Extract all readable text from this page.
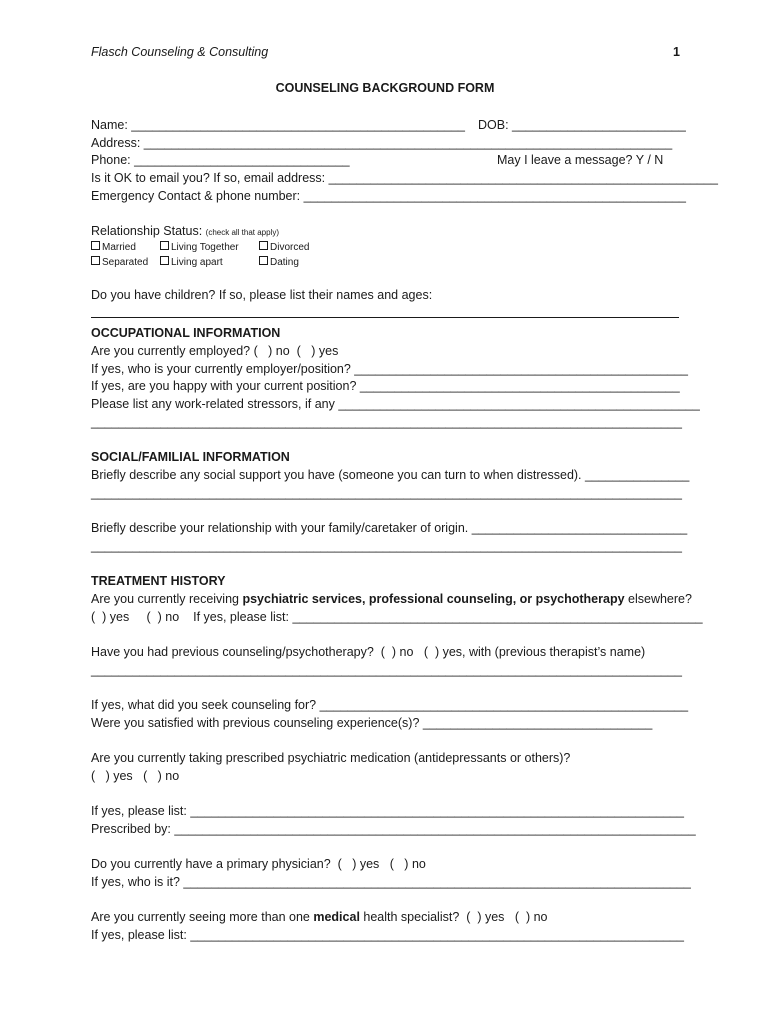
Flasch Counseling & Consulting	1
COUNSELING BACKGROUND FORM
Name: ________________________________________________ DOB: _________________________
Address: ____________________________________________________________________________
Phone: _______________________________	May I leave a message? Y / N
Is it OK to email you? If so, email address: ________________________________________________________
Emergency Contact & phone number: _______________________________________________________
Relationship Status: (check all that apply)
Married	Living Together	Divorced
Separated	Living apart	Dating
Do you have children? If so, please list their names and ages:
OCCUPATIONAL INFORMATION
Are you currently employed? (   ) no  (   ) yes
If yes, who is your currently employer/position? ________________________________________________
If yes, are you happy with your current position? ______________________________________________
Please list any work-related stressors, if any ____________________________________________________
_____________________________________________________________________________________
SOCIAL/FAMILIAL INFORMATION
Briefly describe any social support you have (someone you can turn to when distressed). _______________
_____________________________________________________________________________________
Briefly describe your relationship with your family/caretaker of origin. _______________________________
_____________________________________________________________________________________
TREATMENT HISTORY
Are you currently receiving psychiatric services, professional counseling, or psychotherapy elsewhere?
(  ) yes     (  ) no    If yes, please list: ___________________________________________________________
Have you had previous counseling/psychotherapy?  (  ) no   (  ) yes, with (previous therapist’s name)
_____________________________________________________________________________________
If yes, what did you seek counseling for? _____________________________________________________
Were you satisfied with previous counseling experience(s)? _________________________________
Are you currently taking prescribed psychiatric medication (antidepressants or others)?
(   ) yes   (   ) no
If yes, please list: _______________________________________________________________________
Prescribed by: ___________________________________________________________________________
Do you currently have a primary physician?  (   ) yes   (   ) no
If yes, who is it? _________________________________________________________________________
Are you currently seeing more than one medical health specialist?  (  ) yes   (  ) no
If yes, please list: _______________________________________________________________________
